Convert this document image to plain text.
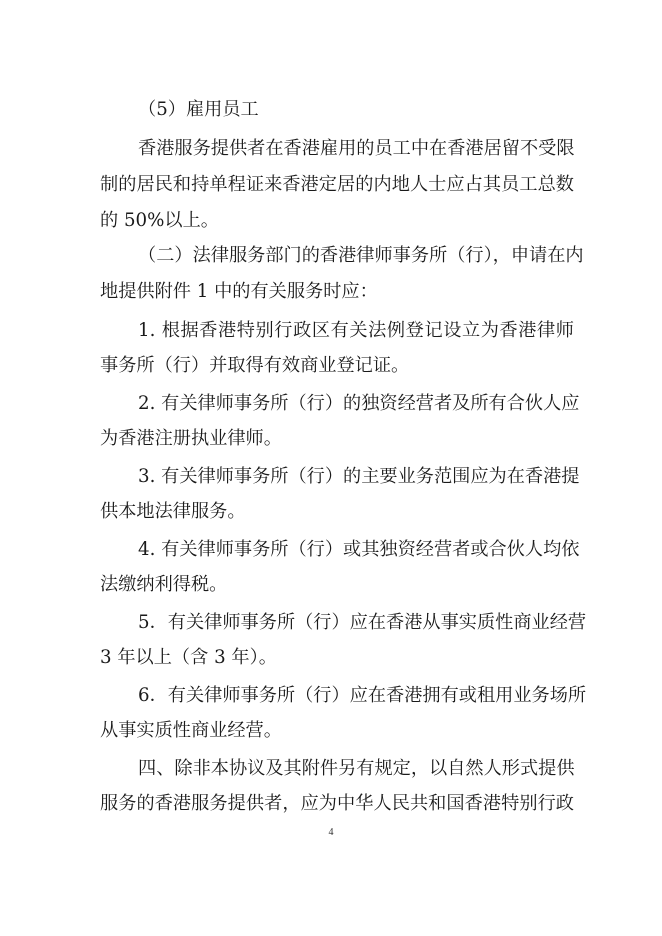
（5）雇用员工
香港服务提供者在香港雇用的员工中在香港居留不受限
制的居民和持单程证来香港定居的内地人士应占其员工总数
的 50%以上。
（二）法律服务部门的香港律师事务所（行），申请在内
地提供附件 1 中的有关服务时应：
1. 根据香港特别行政区有关法例登记设立为香港律师
事务所（行）并取得有效商业登记证。
2. 有关律师事务所（行）的独资经营者及所有合伙人应
为香港注册执业律师。
3. 有关律师事务所（行）的主要业务范围应为在香港提
供本地法律服务。
4. 有关律师事务所（行）或其独资经营者或合伙人均依
法缴纳利得税。
5．有关律师事务所（行）应在香港从事实质性商业经营
3 年以上（含 3 年）。
6．有关律师事务所（行）应在香港拥有或租用业务场所
从事实质性商业经营。
四、除非本协议及其附件另有规定，以自然人形式提供
服务的香港服务提供者，应为中华人民共和国香港特别行政
4
